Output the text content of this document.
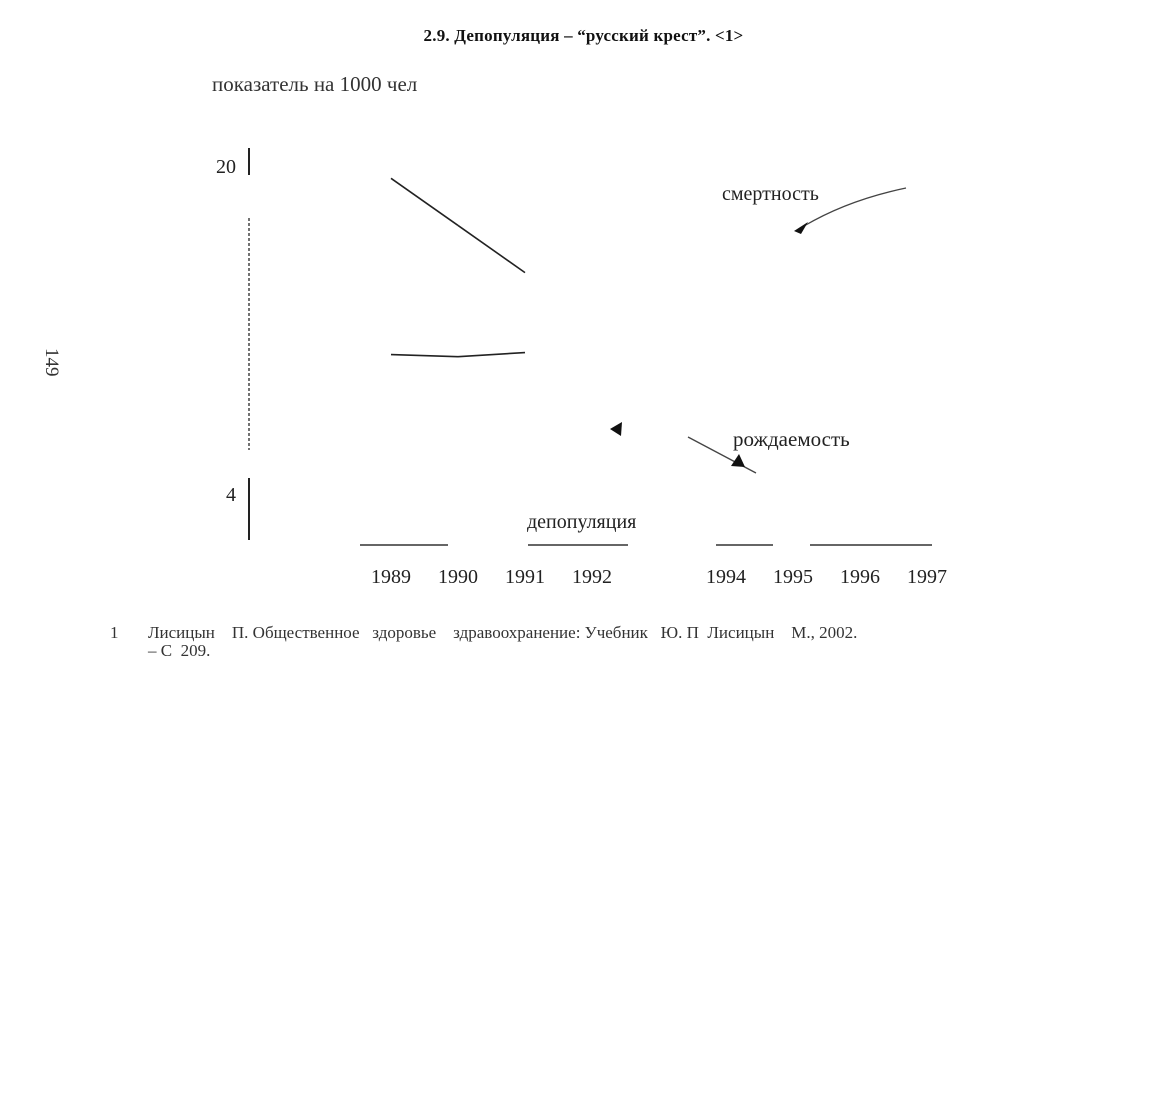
2.9. Депопуляция – “русский крест”. <1>
показатель на 1000 чел
149
20
4
1989 1990 1991 1992	1994 1995 1996 1997
смертность
рождаемость
депопуляция
1 Лисицын    П. Общественное   здоровье    здравоохранение: Учебник   Ю. П  Лисицын    М., 2002.
– С  209.
